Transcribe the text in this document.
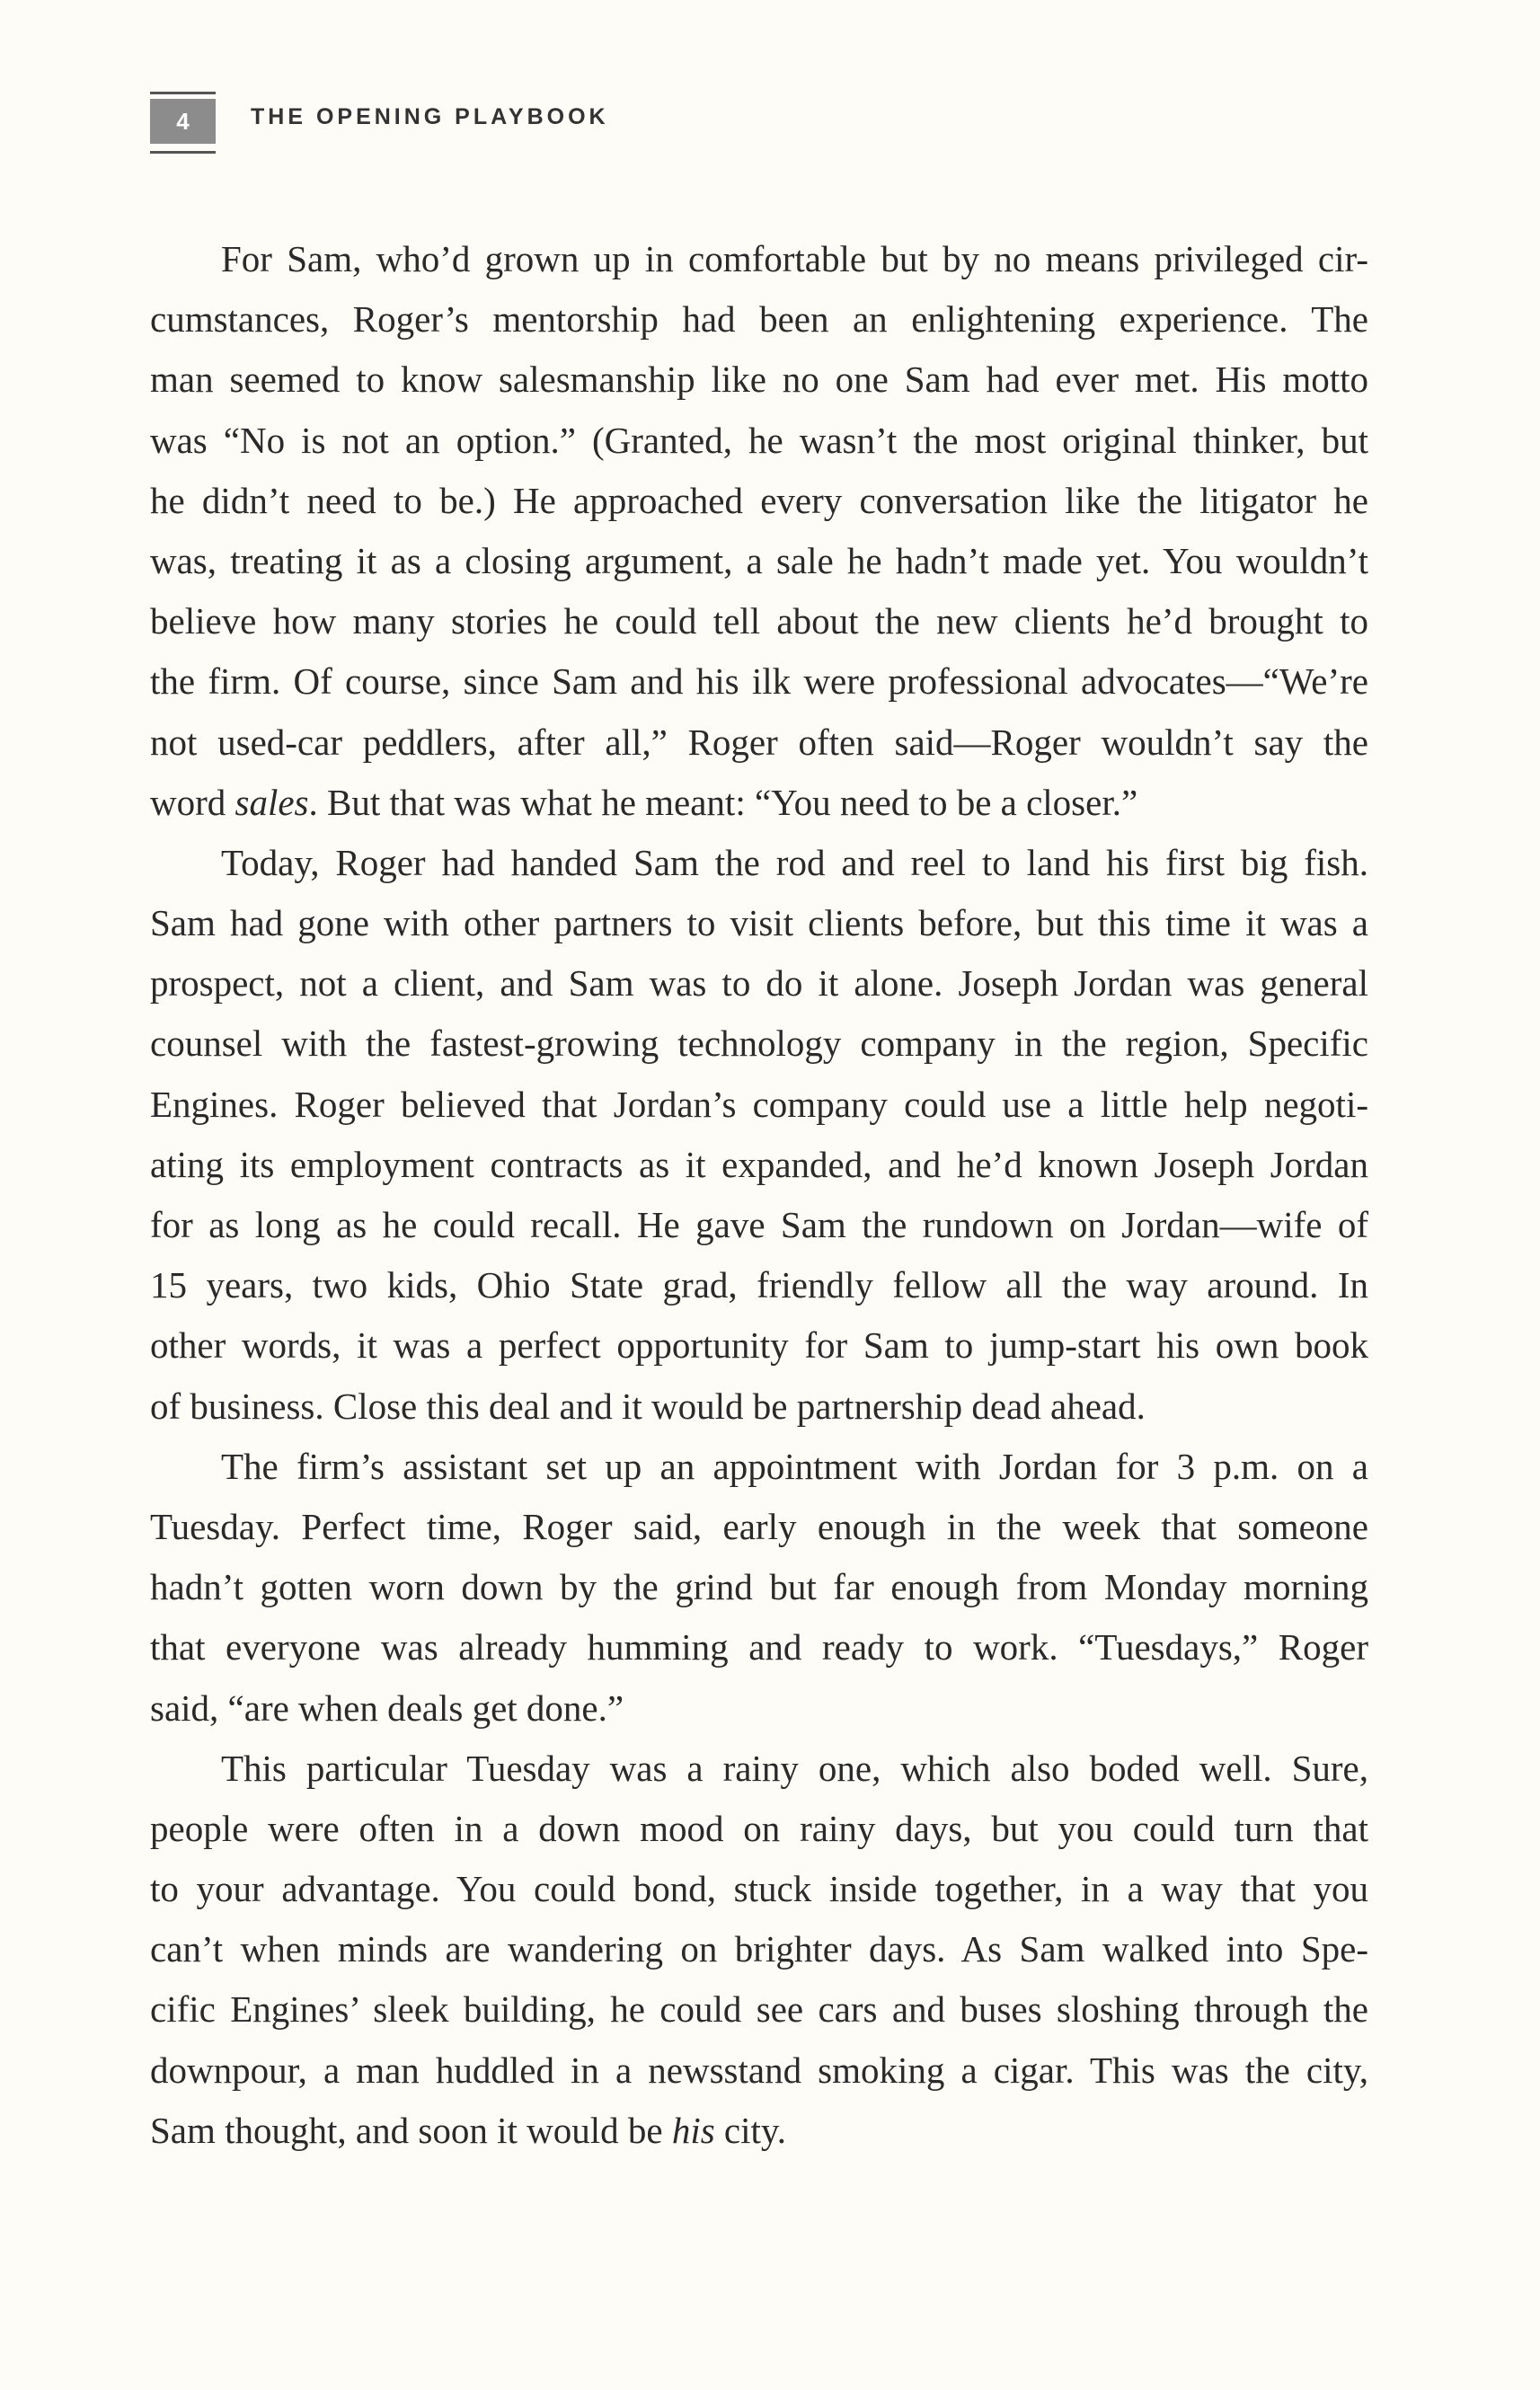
4	THE OPENING PLAYBOOK
For Sam, who’d grown up in comfortable but by no means privileged cir-
cumstances, Roger’s mentorship had been an enlightening experience. The
man seemed to know salesmanship like no one Sam had ever met. His motto
was “No is not an option.” (Granted, he wasn’t the most original thinker, but
he didn’t need to be.) He approached every conversation like the litigator he
was, treating it as a closing argument, a sale he hadn’t made yet. You wouldn’t
believe how many stories he could tell about the new clients he’d brought to
the firm. Of course, since Sam and his ilk were professional advocates—“We’re
not used-car peddlers, after all,” Roger often said—Roger wouldn’t say the
word sales. But that was what he meant: “You need to be a closer.”
Today, Roger had handed Sam the rod and reel to land his first big fish.
Sam had gone with other partners to visit clients before, but this time it was a
prospect, not a client, and Sam was to do it alone. Joseph Jordan was general
counsel with the fastest-growing technology company in the region, Specific
Engines. Roger believed that Jordan’s company could use a little help negoti-
ating its employment contracts as it expanded, and he’d known Joseph Jordan
for as long as he could recall. He gave Sam the rundown on Jordan—wife of
15 years, two kids, Ohio State grad, friendly fellow all the way around. In
other words, it was a perfect opportunity for Sam to jump-start his own book
of business. Close this deal and it would be partnership dead ahead.
The firm’s assistant set up an appointment with Jordan for 3 p.m. on a
Tuesday. Perfect time, Roger said, early enough in the week that someone
hadn’t gotten worn down by the grind but far enough from Monday morning
that everyone was already humming and ready to work. “Tuesdays,” Roger
said, “are when deals get done.”
This particular Tuesday was a rainy one, which also boded well. Sure,
people were often in a down mood on rainy days, but you could turn that
to your advantage. You could bond, stuck inside together, in a way that you
can’t when minds are wandering on brighter days. As Sam walked into Spe-
cific Engines’ sleek building, he could see cars and buses sloshing through the
downpour, a man huddled in a newsstand smoking a cigar. This was the city,
Sam thought, and soon it would be his city.
